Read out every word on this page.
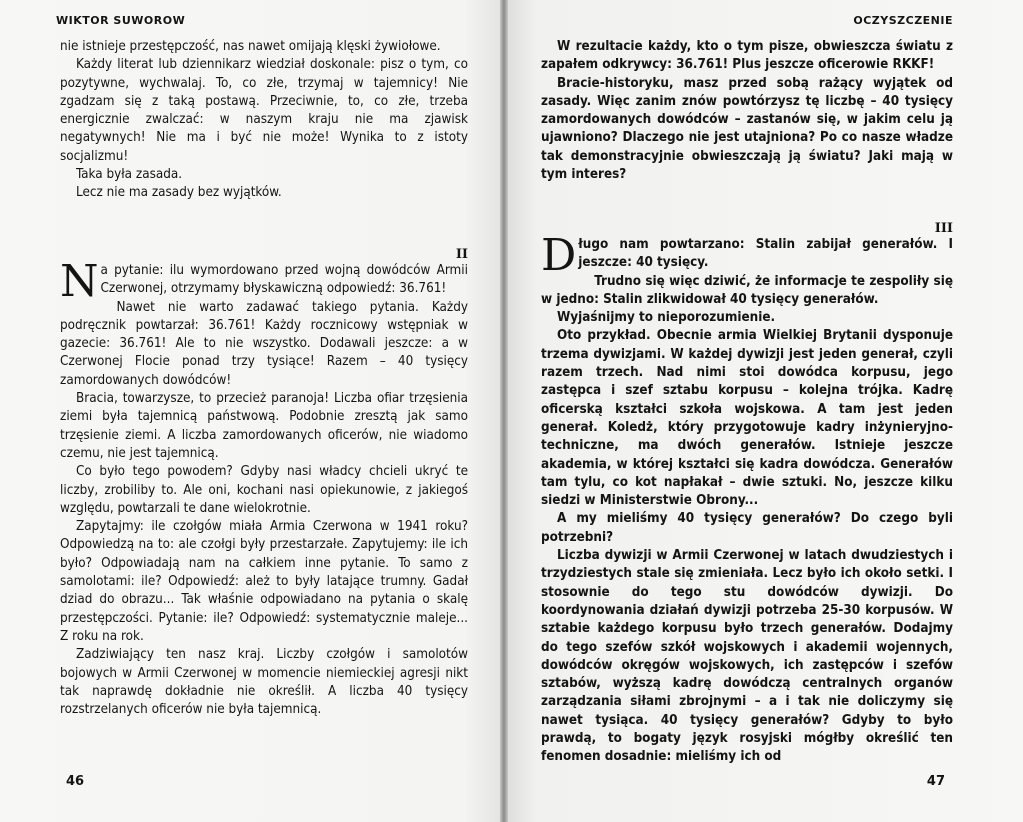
WIKTOR SUWOROW

nie istnieje przestępczość, nas nawet omijają klęski żywiołowe.

Każdy literat lub dziennikarz wiedział doskonale: pisz o tym, co pozytywne, wychwalaj. To, co złe, trzymaj w tajemnicy! Nie zgadzam się z taką postawą. Przeciwnie, to, co złe, trzeba energicznie zwalczać: w naszym kraju nie ma zjawisk negatywnych! Nie ma i być nie może! Wynika to z istoty socjalizmu!

Taka była zasada.

Lecz nie ma zasady bez wyjątków.

II

Na pytanie: ilu wymordowano przed wojną dowódców Armii Czerwonej, otrzymamy błyskawiczną odpowiedź: 36.761!

Nawet nie warto zadawać takiego pytania. Każdy podręcznik powtarzał: 36.761! Każdy rocznicowy wstępniak w gazecie: 36.761! Ale to nie wszystko. Dodawali jeszcze: a w Czerwonej Flocie ponad trzy tysiące! Razem – 40 tysięcy zamordowanych dowódców!

Bracia, towarzysze, to przecież paranoja! Liczba ofiar trzęsienia ziemi była tajemnicą państwową. Podobnie zresztą jak samo trzęsienie ziemi. A liczba zamordowanych oficerów, nie wiadomo czemu, nie jest tajemnicą.

Co było tego powodem? Gdyby nasi władcy chcieli ukryć te liczby, zrobiliby to. Ale oni, kochani nasi opiekunowie, z jakiegoś względu, powtarzali te dane wielokrotnie.

Zapytajmy: ile czołgów miała Armia Czerwona w 1941 roku? Odpowiedzą na to: ale czołgi były przestarzałe. Zapytujemy: ile ich było? Odpowiadają nam na całkiem inne pytanie. To samo z samolotami: ile? Odpowiedź: ależ to były latające trumny. Gadał dziad do obrazu... Tak właśnie odpowiadano na pytania o skalę przestępczości. Pytanie: ile? Odpowiedź: systematycznie maleje... Z roku na rok.

Zadziwiający ten nasz kraj. Liczby czołgów i samolotów bojowych w Armii Czerwonej w momencie niemieckiej agresji nikt tak naprawdę dokładnie nie określił. A liczba 40 tysięcy rozstrzelanych oficerów nie była tajemnicą.

46
OCZYSZCZENIE

W rezultacie każdy, kto o tym pisze, obwieszcza światu z zapałem odkrywcy: 36.761! Plus jeszcze oficerowie RKKF!

Bracie-historyku, masz przed sobą rażący wyjątek od zasady. Więc zanim znów powtórzysz tę liczbę – 40 tysięcy zamordowanych dowódców – zastanów się, w jakim celu ją ujawniono? Dlaczego nie jest utajniona? Po co nasze władze tak demonstracyjnie obwieszczają ją światu? Jaki mają w tym interes?

III

Długo nam powtarzano: Stalin zabijał generałów. I jeszcze: 40 tysięcy.

Trudno się więc dziwić, że informacje te zespoliły się w jedno: Stalin zlikwidował 40 tysięcy generałów.

Wyjaśnijmy to nieporozumienie.

Oto przykład. Obecnie armia Wielkiej Brytanii dysponuje trzema dywizjami. W każdej dywizji jest jeden generał, czyli razem trzech. Nad nimi stoi dowódca korpusu, jego zastępca i szef sztabu korpusu – kolejna trójka. Kadrę oficerską kształci szkoła wojskowa. A tam jest jeden generał. Koledż, który przygotowuje kadry inżynieryjno-techniczne, ma dwóch generałów. Istnieje jeszcze akademia, w której kształci się kadra dowódcza. Generałów tam tylu, co kot napłakał – dwie sztuki. No, jeszcze kilku siedzi w Ministerstwie Obrony...

A my mieliśmy 40 tysięcy generałów? Do czego byli potrzebni?

Liczba dywizji w Armii Czerwonej w latach dwudziestych i trzydziestych stale się zmieniała. Lecz było ich około setki. I stosownie do tego stu dowódców dywizji. Do koordynowania działań dywizji potrzeba 25-30 korpusów. W sztabie każdego korpusu było trzech generałów. Dodajmy do tego szefów szkół wojskowych i akademii wojennych, dowódców okręgów wojskowych, ich zastępców i szefów sztabów, wyższą kadrę dowódczą centralnych organów zarządzania siłami zbrojnymi – a i tak nie doliczymy się nawet tysiąca. 40 tysięcy generałów? Gdyby to było prawdą, to bogaty język rosyjski mógłby określić ten fenomen dosadnie: mieliśmy ich od

47
